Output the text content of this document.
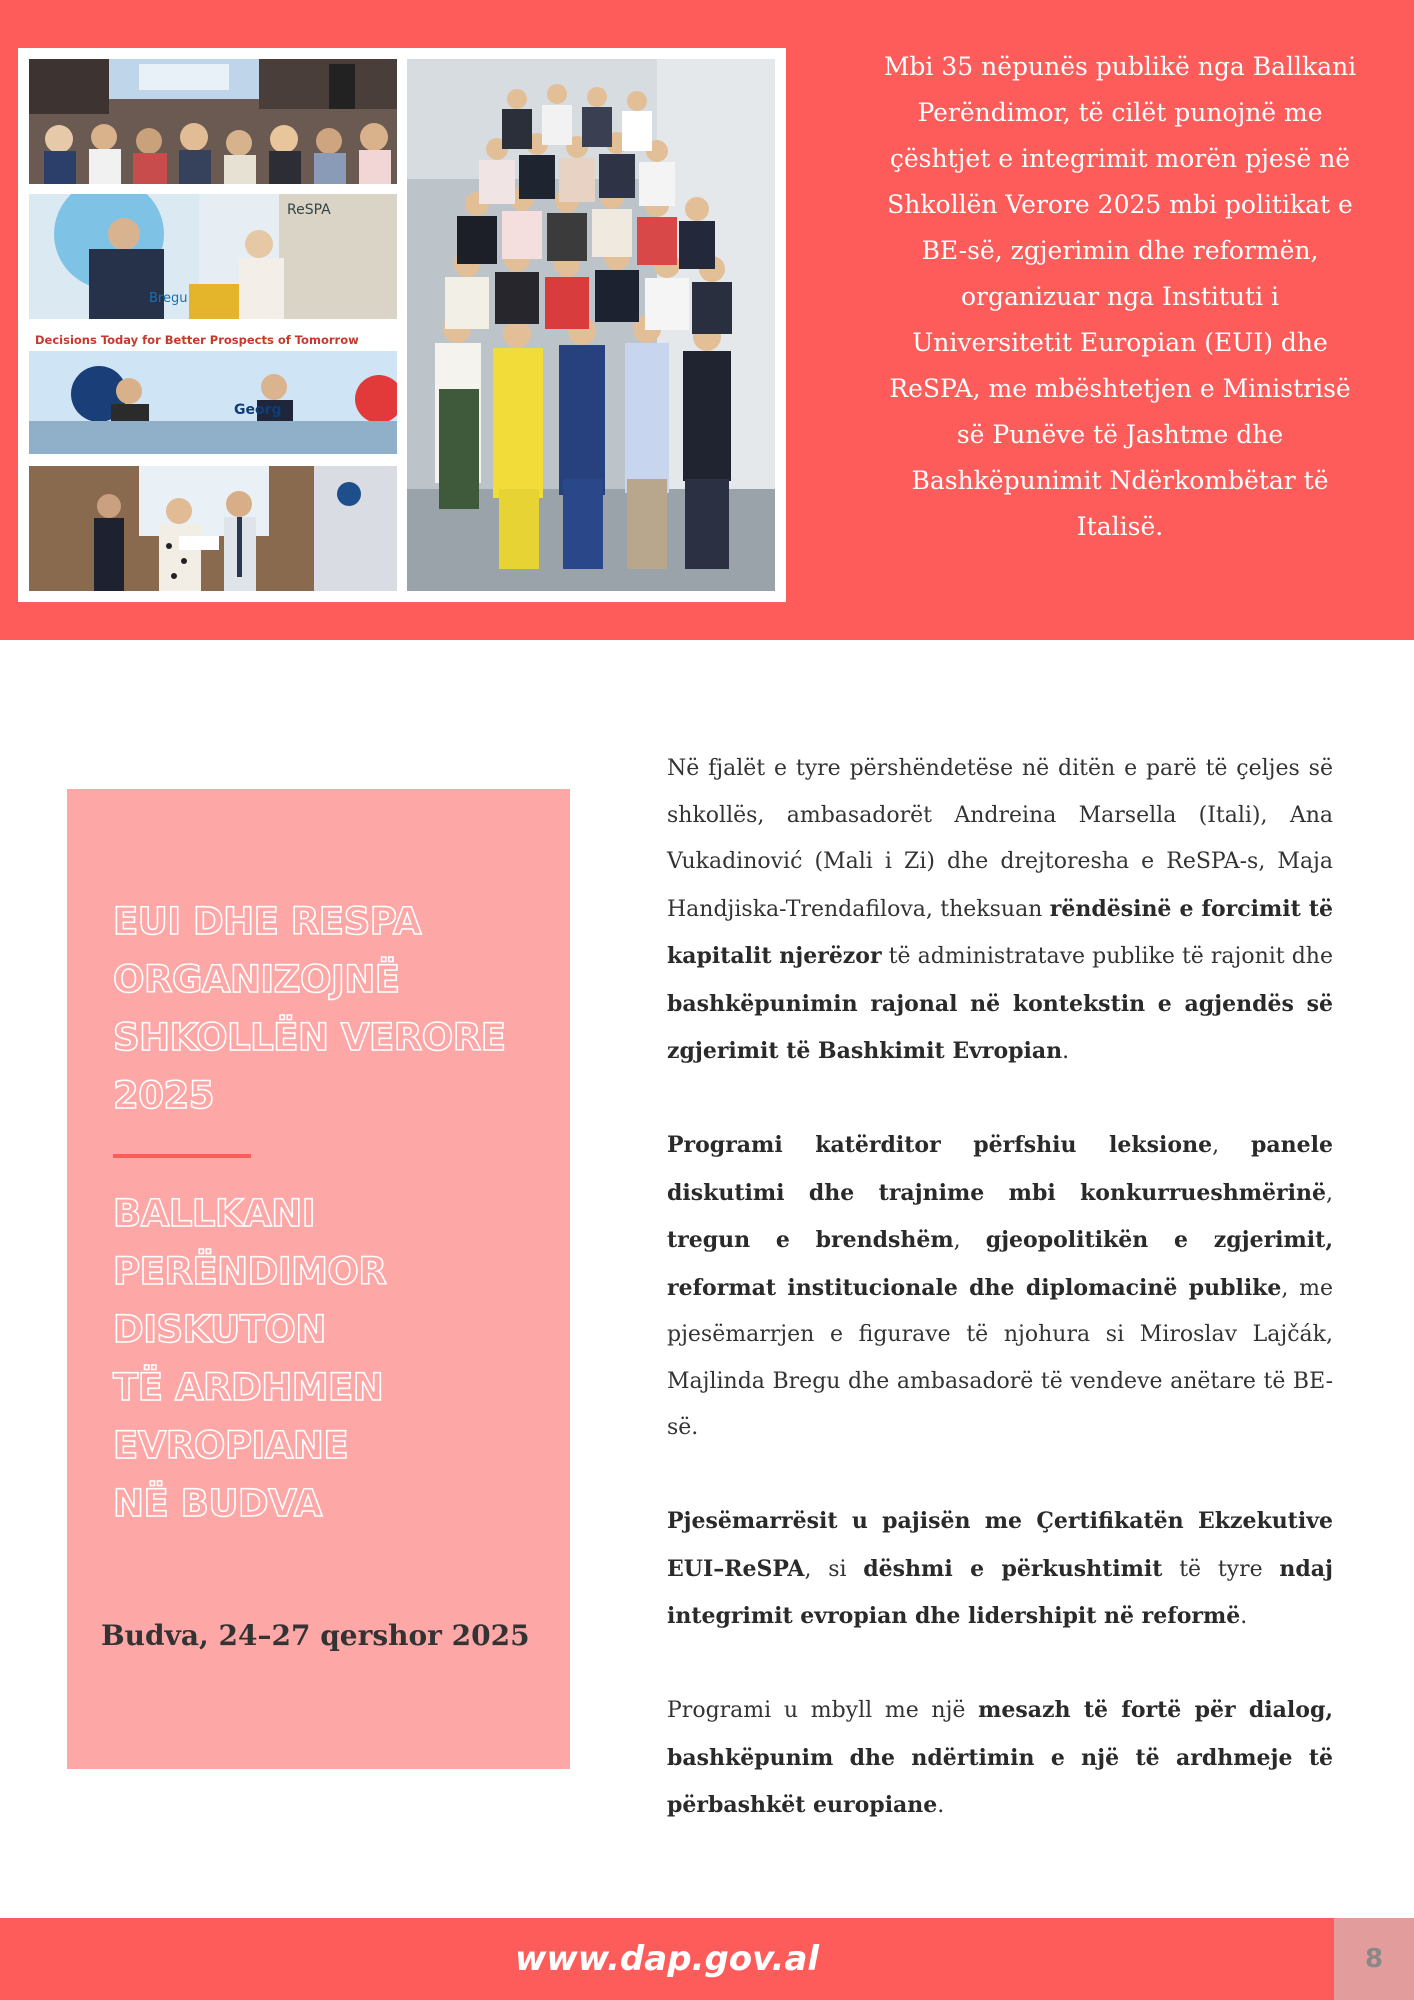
ReSPA
Bregu
Decisions Today for Better Prospects of Tomorrow
Georg
Mbi 35 nëpunës publikë nga Ballkani Perëndimor, të cilët punojnë me çështjet e integrimit morën pjesë në Shkollën Verore 2025 mbi politikat e BE-së, zgjerimin dhe reformën, organizuar nga Instituti i Universitetit Europian (EUI) dhe ReSPA, me mbështetjen e Ministrisë së Punëve të Jashtme dhe Bashkëpunimit Ndërkombëtar të Italisë.
EUI DHE RESPA
ORGANIZOJNË
SHKOLLËN VERORE
2025
BALLKANI
PERËNDIMOR
DISKUTON
TË ARDHMEN
EVROPIANE
NË BUDVA
Budva, 24–27 qershor 2025

Në fjalët e tyre përshëndetëse në ditën e parë të çeljes së shkollës, ambasadorët Andreina Marsella (Itali), Ana Vukadinović (Mali i Zi) dhe drejtoresha e ReSPA-s, Maja Handjiska-Trendafilova, theksuan rëndësinë e forcimit të kapitalit njerëzor të administratave publike të rajonit dhe bashkëpunimin rajonal në kontekstin e agjendës së zgjerimit të Bashkimit Evropian.

Programi katërditor përfshiu leksione, panele diskutimi dhe trajnime mbi konkurrueshmërinë, tregun e brendshëm, gjeopolitikën e zgjerimit, reformat institucionale dhe diplomacinë publike, me pjesëmarrjen e figurave të njohura si Miroslav Lajčák, Majlinda Bregu dhe ambasadorë të vendeve anëtare të BE-së.

Pjesëmarrësit u pajisën me Çertifikatën Ekzekutive EUI–ReSPA, si dëshmi e përkushtimit të tyre ndaj integrimit evropian dhe lidershipit në reformë.

Programi u mbyll me një mesazh të fortë për dialog, bashkëpunim dhe ndërtimin e një të ardhmeje të përbashkët europiane.

www.dap.gov.al	8
